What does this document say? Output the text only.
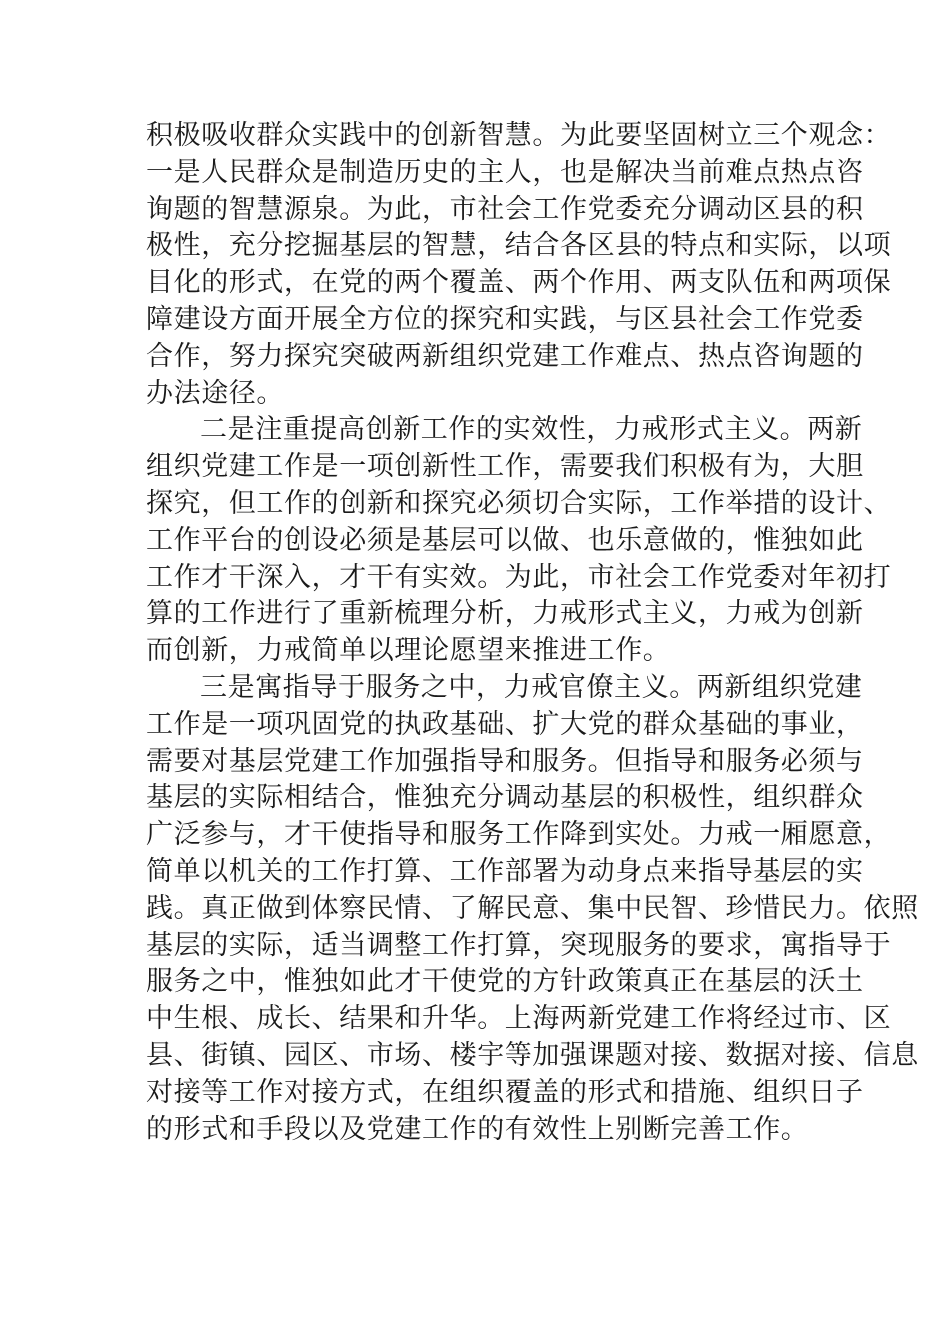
积极吸收群众实践中的创新智慧。为此要坚固树立三个观念：
一是人民群众是制造历史的主人，也是解决当前难点热点咨
询题的智慧源泉。为此，市社会工作党委充分调动区县的积
极性，充分挖掘基层的智慧，结合各区县的特点和实际，以项
目化的形式，在党的两个覆盖、两个作用、两支队伍和两项保
障建设方面开展全方位的探究和实践，与区县社会工作党委
合作，努力探究突破两新组织党建工作难点、热点咨询题的
办法途径。
二是注重提高创新工作的实效性，力戒形式主义。两新
组织党建工作是一项创新性工作，需要我们积极有为，大胆
探究，但工作的创新和探究必须切合实际，工作举措的设计、
工作平台的创设必须是基层可以做、也乐意做的，惟独如此
工作才干深入，才干有实效。为此，市社会工作党委对年初打
算的工作进行了重新梳理分析，力戒形式主义，力戒为创新
而创新，力戒简单以理论愿望来推进工作。
三是寓指导于服务之中，力戒官僚主义。两新组织党建
工作是一项巩固党的执政基础、扩大党的群众基础的事业，
需要对基层党建工作加强指导和服务。但指导和服务必须与
基层的实际相结合，惟独充分调动基层的积极性，组织群众
广泛参与，才干使指导和服务工作降到实处。力戒一厢愿意，
简单以机关的工作打算、工作部署为动身点来指导基层的实
践。真正做到体察民情、了解民意、集中民智、珍惜民力。依照
基层的实际，适当调整工作打算，突现服务的要求，寓指导于
服务之中，惟独如此才干使党的方针政策真正在基层的沃土
中生根、成长、结果和升华。上海两新党建工作将经过市、区
县、街镇、园区、市场、楼宇等加强课题对接、数据对接、信息
对接等工作对接方式，在组织覆盖的形式和措施、组织日子
的形式和手段以及党建工作的有效性上别断完善工作。
